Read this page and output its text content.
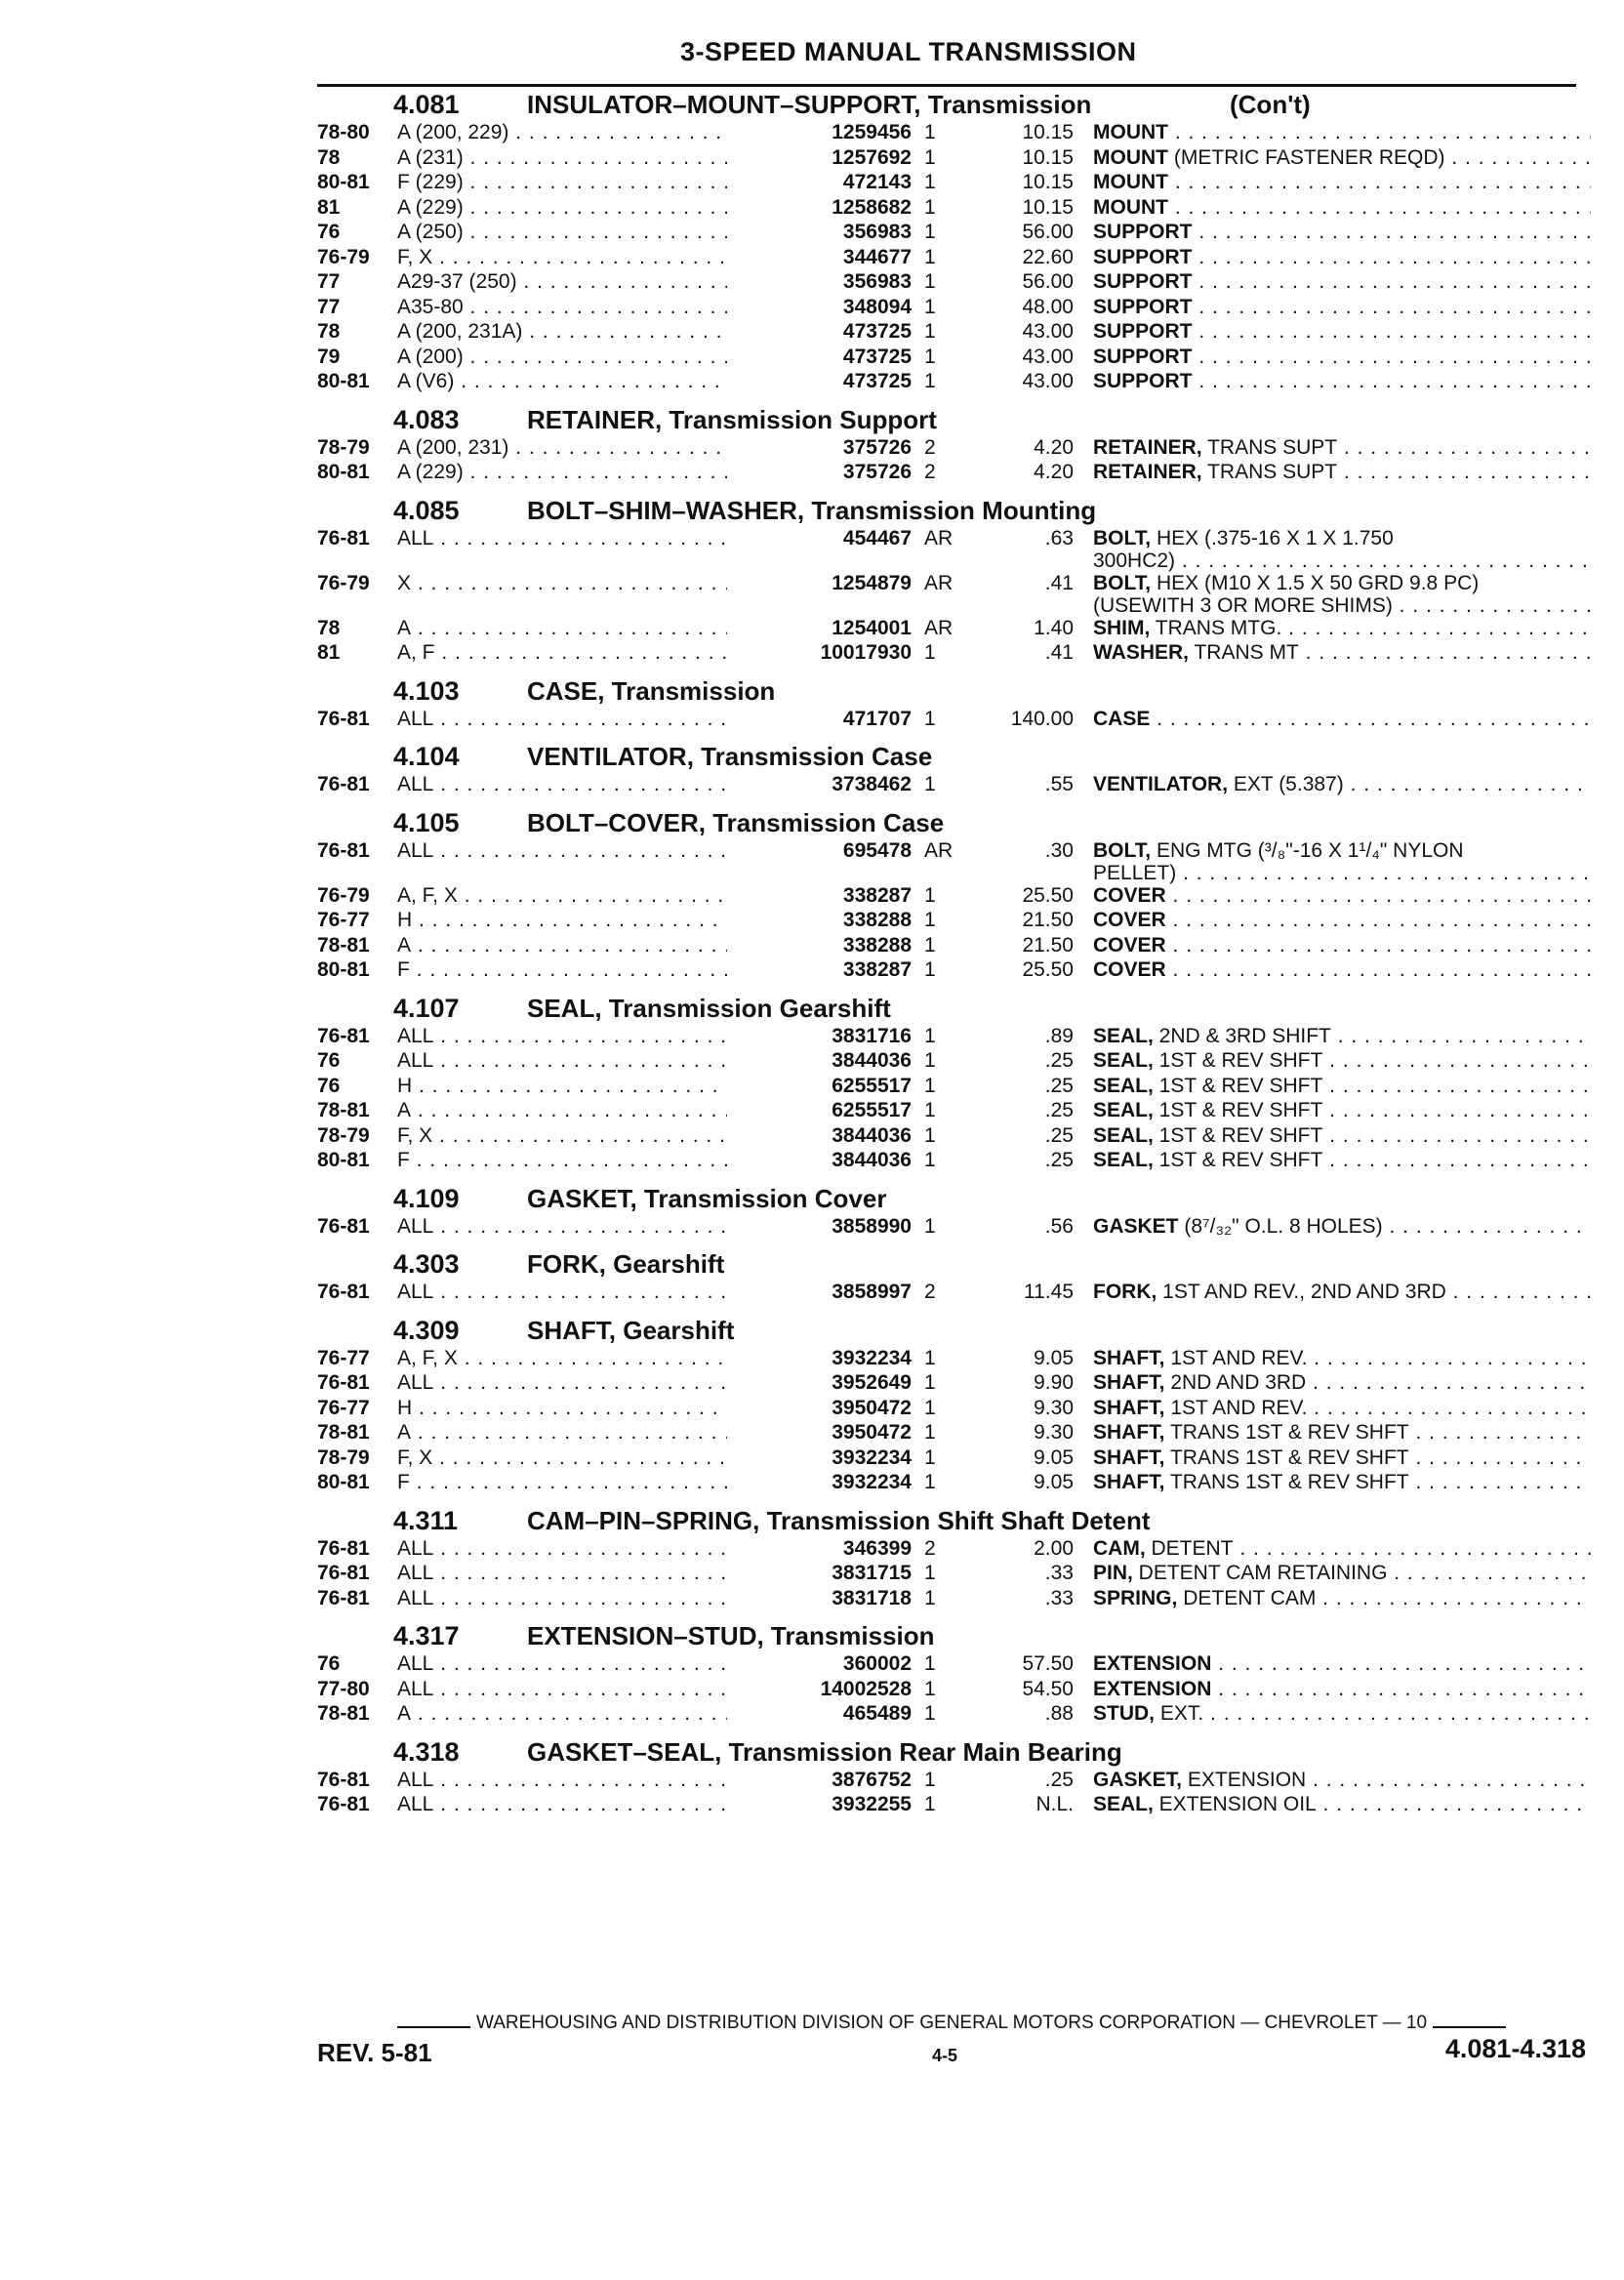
3-SPEED MANUAL TRANSMISSION
4.081	INSULATOR–MOUNT–SUPPORT, Transmission	(Con't)
78-80	A (200, 229) . . .	1259456 1	10.15 MOUNT . . .
78	A (231) . . .	1257692 1	10.15 MOUNT (METRIC FASTENER REQD) . . .
80-81	F (229) . . .	472143 1	10.15 MOUNT . . .
81	A (229) . . .	1258682 1	10.15 MOUNT . . .
76	A (250) . . .	356983 1	56.00 SUPPORT . . .
76-79	F, X . . .	344677 1	22.60 SUPPORT . . .
77	A29-37 (250) . . .	356983 1	56.00 SUPPORT . . .
77	A35-80 . . .	348094 1	48.00 SUPPORT . . .
78	A (200, 231A) . . .	473725 1	43.00 SUPPORT . . .
79	A (200) . . .	473725 1	43.00 SUPPORT . . .
80-81	A (V6) . . .	473725 1	43.00 SUPPORT . . .
4.083	RETAINER, Transmission Support
78-79	A (200, 231) . . .	375726 2	4.20 RETAINER, TRANS SUPT . . .
80-81	A (229) . . .	375726 2	4.20 RETAINER, TRANS SUPT . . .
4.085	BOLT–SHIM–WASHER, Transmission Mounting
76-81	ALL . . .	454467 AR	.63 BOLT, HEX (.375-16 X 1 X 1.750
300HC2) . . .
76-79	X . . .	1254879 AR	.41 BOLT, HEX (M10 X 1.5 X 50 GRD 9.8 PC)
(USEWITH 3 OR MORE SHIMS) . . .
78	A . . .	1254001 AR	1.40 SHIM, TRANS MTG. . . .
81	A, F . . .	10017930 1	.41 WASHER, TRANS MT . . .
4.103	CASE, Transmission
76-81	ALL . . .	471707 1	140.00 CASE . . .
4.104	VENTILATOR, Transmission Case
76-81	ALL . . .	3738462 1	.55 VENTILATOR, EXT (5.387) . . .
4.105	BOLT–COVER, Transmission Case
76-81	ALL . . .	695478 AR	.30 BOLT, ENG MTG (³/₈"-16 X 1¹/₄" NYLON
PELLET) . . .
76-79	A, F, X . . .	338287 1	25.50 COVER . . .
76-77	H . . .	338288 1	21.50 COVER . . .
78-81	A . . .	338288 1	21.50 COVER . . .
80-81	F . . .	338287 1	25.50 COVER . . .
4.107	SEAL, Transmission Gearshift
76-81	ALL . . .	3831716 1	.89 SEAL, 2ND & 3RD SHIFT . . .
76	ALL . . .	3844036 1	.25 SEAL, 1ST & REV SHFT . . .
76	H . . .	6255517 1	.25 SEAL, 1ST & REV SHFT . . .
78-81	A . . .	6255517 1	.25 SEAL, 1ST & REV SHFT . . .
78-79	F, X . . .	3844036 1	.25 SEAL, 1ST & REV SHFT . . .
80-81	F . . .	3844036 1	.25 SEAL, 1ST & REV SHFT . . .
4.109	GASKET, Transmission Cover
76-81	ALL . . .	3858990 1	.56 GASKET (8⁷/₃₂" O.L. 8 HOLES) . . .
4.303	FORK, Gearshift
76-81	ALL . . .	3858997 2	11.45 FORK, 1ST AND REV., 2ND AND 3RD . . .
4.309	SHAFT, Gearshift
76-77	A, F, X . . .	3932234 1	9.05 SHAFT, 1ST AND REV. . . .
76-81	ALL . . .	3952649 1	9.90 SHAFT, 2ND AND 3RD . . .
76-77	H . . .	3950472 1	9.30 SHAFT, 1ST AND REV. . . .
78-81	A . . .	3950472 1	9.30 SHAFT, TRANS 1ST & REV SHFT . . .
78-79	F, X . . .	3932234 1	9.05 SHAFT, TRANS 1ST & REV SHFT . . .
80-81	F . . .	3932234 1	9.05 SHAFT, TRANS 1ST & REV SHFT . . .
4.311	CAM–PIN–SPRING, Transmission Shift Shaft Detent
76-81	ALL . . .	346399 2	2.00 CAM, DETENT . . .
76-81	ALL . . .	3831715 1	.33 PIN, DETENT CAM RETAINING . . .
76-81	ALL . . .	3831718 1	.33 SPRING, DETENT CAM . . .
4.317	EXTENSION–STUD, Transmission
76	ALL . . .	360002 1	57.50 EXTENSION . . .
77-80	ALL . . .	14002528 1	54.50 EXTENSION . . .
78-81	A . . .	465489 1	.88 STUD, EXT. . . .
4.318	GASKET–SEAL, Transmission Rear Main Bearing
76-81	ALL . . .	3876752 1	.25 GASKET, EXTENSION . . .
76-81	ALL . . .	3932255 1	N.L. SEAL, EXTENSION OIL . . .
WAREHOUSING AND DISTRIBUTION DIVISION OF GENERAL MOTORS CORPORATION — CHEVROLET — 10
REV. 5-81	4-5	4.081-4.318
